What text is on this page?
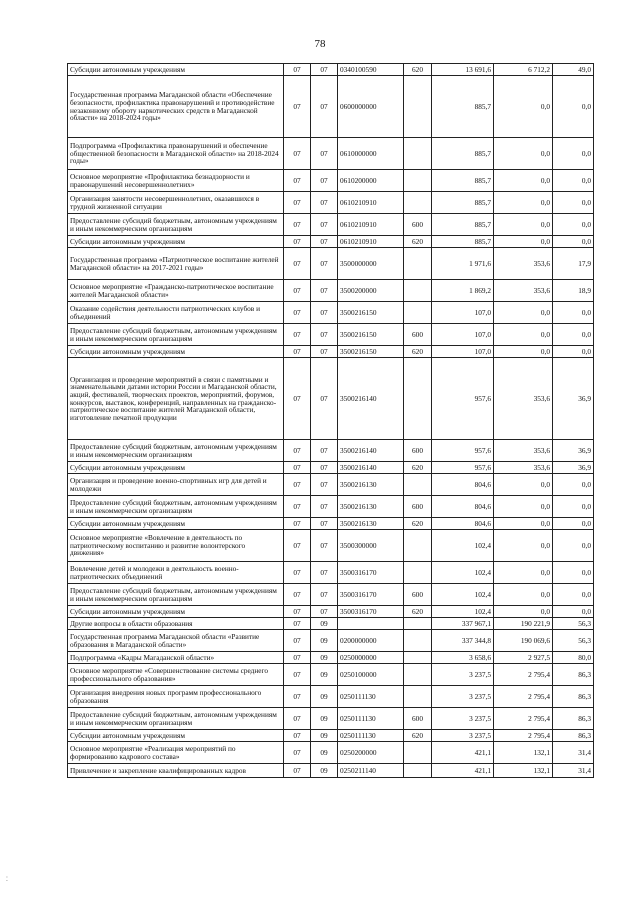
78
Субсидии автономным учреждениям	07	07	0340100590	620	13 691,6	6 712,2	49,0
Государственная программа Магаданской области «Обеспечение безопасности, профилактика правонарушений и противодействие незаконному обороту наркотических средств в Магаданской области» на 2018-2024 годы»	07	07	0600000000		885,7	0,0	0,0
Подпрограмма «Профилактика правонарушений и обеспечение общественной безопасности в Магаданской области» на 2018-2024 годы»	07	07	0610000000		885,7	0,0	0,0
Основное мероприятие «Профилактика безнадзорности и правонарушений несовершеннолетних»	07	07	0610200000		885,7	0,0	0,0
Организация занятости несовершеннолетних, оказавшихся в трудной жизненной ситуации	07	07	0610210910		885,7	0,0	0,0
Предоставление субсидий бюджетным, автономным учреждениям и иным некоммерческим организациям	07	07	0610210910	600	885,7	0,0	0,0
Субсидии автономным учреждениям	07	07	0610210910	620	885,7	0,0	0,0
Государственная программа «Патриотическое воспитание жителей Магаданской области» на 2017-2021 годы»	07	07	3500000000		1 971,6	353,6	17,9
Основное мероприятие «Гражданско-патриотическое воспитание жителей Магаданской области»	07	07	3500200000		1 869,2	353,6	18,9
Оказание содействия деятельности патриотических клубов и объединений	07	07	3500216150		107,0	0,0	0,0
Предоставление субсидий бюджетным, автономным учреждениям и иным некоммерческим организациям	07	07	3500216150	600	107,0	0,0	0,0
Субсидии автономным учреждениям	07	07	3500216150	620	107,0	0,0	0,0
Организация и проведение мероприятий в связи с памятными и знаменательными датами истории России и Магаданской области, акций, фестивалей, творческих проектов, мероприятий, форумов, конкурсов, выставок, конференций, направленных на гражданско-патриотическое воспитание жителей Магаданской области, изготовление печатной продукции	07	07	3500216140		957,6	353,6	36,9
Предоставление субсидий бюджетным, автономным учреждениям и иным некоммерческим организациям	07	07	3500216140	600	957,6	353,6	36,9
Субсидии автономным учреждениям	07	07	3500216140	620	957,6	353,6	36,9
Организация и проведение военно-спортивных игр для детей и молодежи	07	07	3500216130		804,6	0,0	0,0
Предоставление субсидий бюджетным, автономным учреждениям и иным некоммерческим организациям	07	07	3500216130	600	804,6	0,0	0,0
Субсидии автономным учреждениям	07	07	3500216130	620	804,6	0,0	0,0
Основное мероприятие «Вовлечение в деятельность по патриотическому воспитанию и развитие волонтерского движения»	07	07	3500300000		102,4	0,0	0,0
Вовлечение детей и молодежи в деятельность военно-патриотических объединений	07	07	3500316170		102,4	0,0	0,0
Предоставление субсидий бюджетным, автономным учреждениям и иным некоммерческим организациям	07	07	3500316170	600	102,4	0,0	0,0
Субсидии автономным учреждениям	07	07	3500316170	620	102,4	0,0	0,0
Другие вопросы в области образования	07	09			337 967,1	190 221,9	56,3
Государственная программа Магаданской области «Развитие образования в Магаданской области»	07	09	0200000000		337 344,8	190 069,6	56,3
Подпрограмма «Кадры Магаданской области»	07	09	0250000000		3 658,6	2 927,5	80,0
Основное мероприятие «Совершенствование системы среднего профессионального образования»	07	09	0250100000		3 237,5	2 795,4	86,3
Организация внедрения новых программ профессионального образования	07	09	0250111130		3 237,5	2 795,4	86,3
Предоставление субсидий бюджетным, автономным учреждениям и иным некоммерческим организациям	07	09	0250111130	600	3 237,5	2 795,4	86,3
Субсидии автономным учреждениям	07	09	0250111130	620	3 237,5	2 795,4	86,3
Основное мероприятие «Реализация мероприятий по формированию кадрового состава»	07	09	0250200000		421,1	132,1	31,4
Привлечение и закрепление квалифицированных кадров	07	09	0250211140		421,1	132,1	31,4
⁚
